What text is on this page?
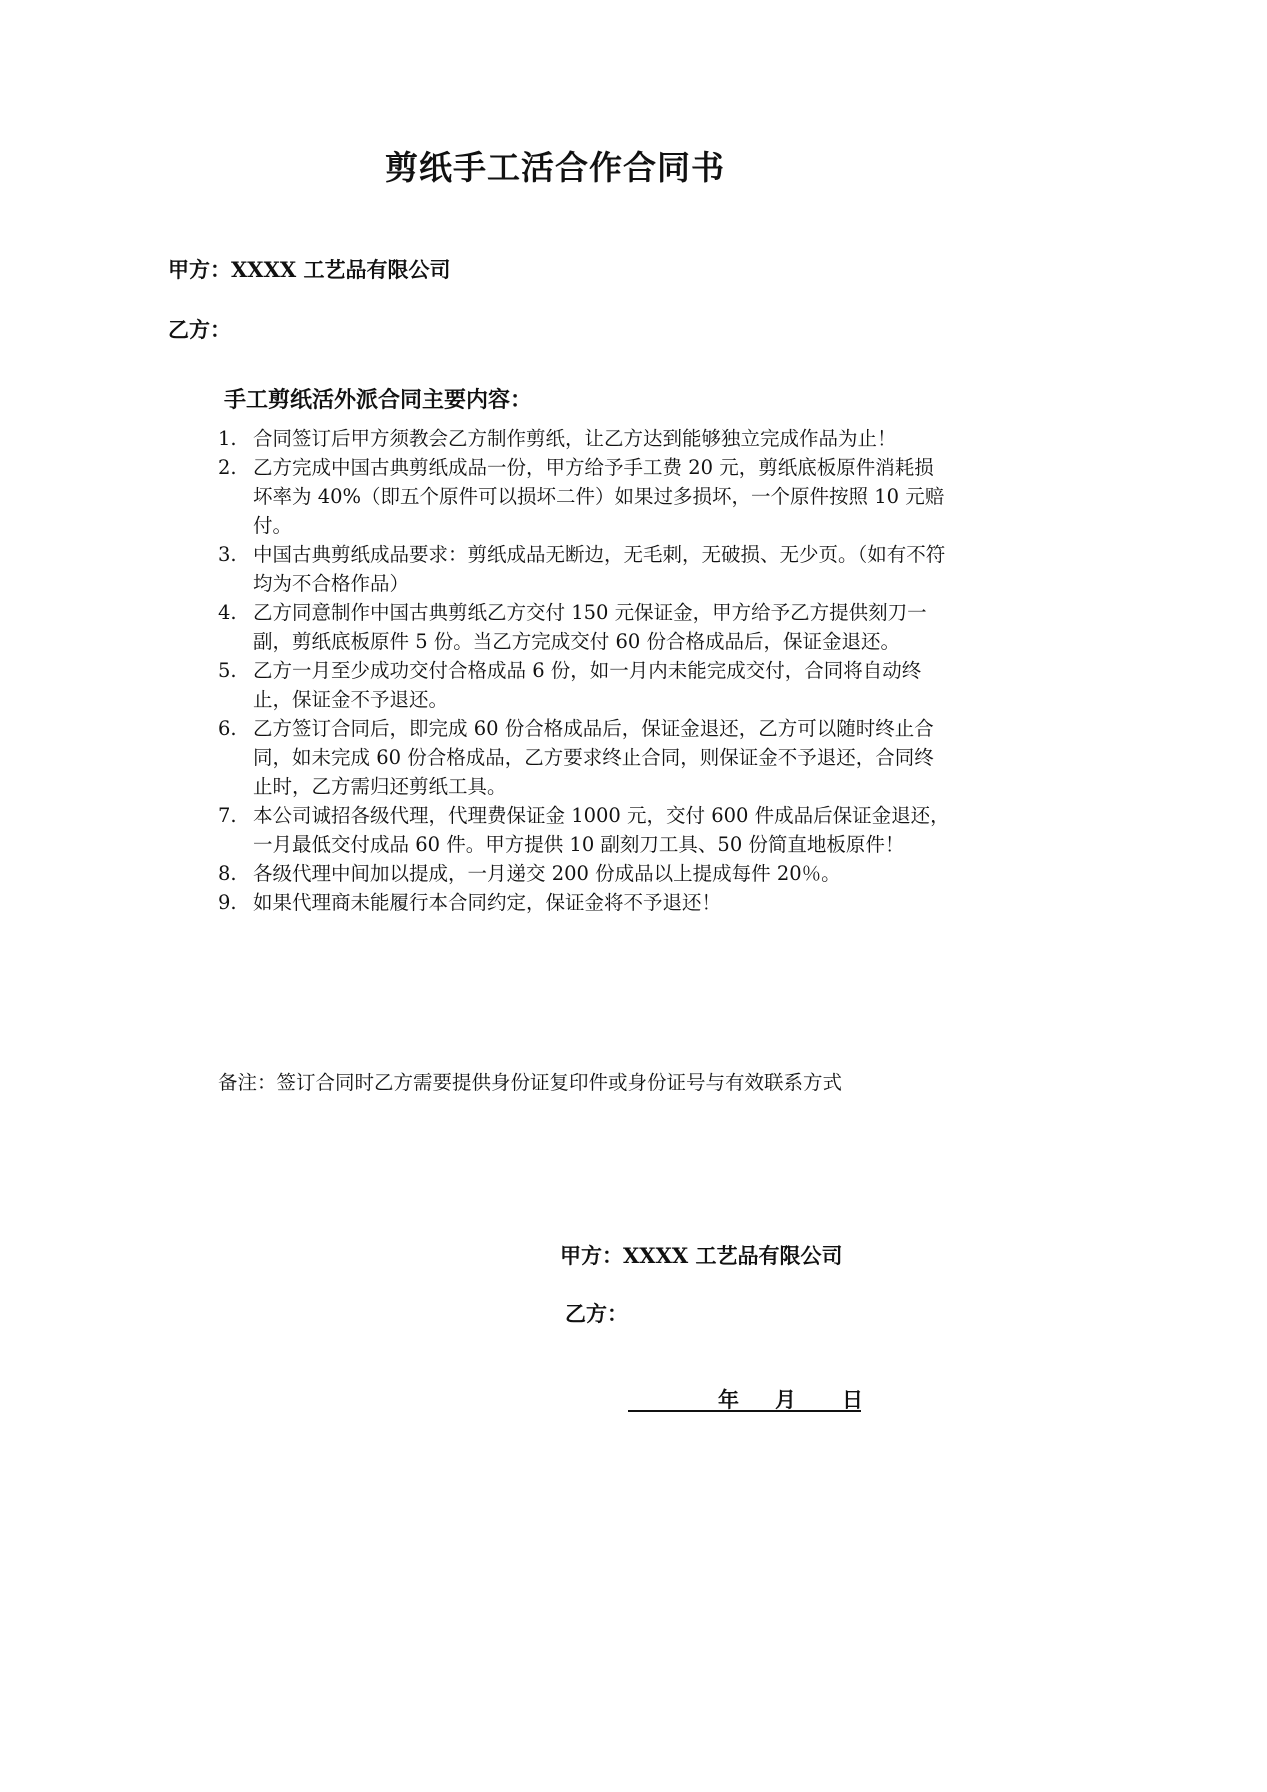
剪纸手工活合作合同书
甲方：XXXX 工艺品有限公司
乙方：
手工剪纸活外派合同主要内容：
1. 合同签订后甲方须教会乙方制作剪纸，让乙方达到能够独立完成作品为止！
2. 乙方完成中国古典剪纸成品一份，甲方给予手工费 20 元，剪纸底板原件消耗损坏率为 40%（即五个原件可以损坏二件）如果过多损坏，一个原件按照 10 元赔付。
3. 中国古典剪纸成品要求：剪纸成品无断边，无毛刺，无破损、无少页。（如有不符均为不合格作品）
4. 乙方同意制作中国古典剪纸乙方交付 150 元保证金，甲方给予乙方提供刻刀一副，剪纸底板原件 5 份。当乙方完成交付 60 份合格成品后，保证金退还。
5. 乙方一月至少成功交付合格成品 6 份，如一月内未能完成交付，合同将自动终止，保证金不予退还。
6. 乙方签订合同后，即完成 60 份合格成品后，保证金退还，乙方可以随时终止合同，如未完成 60 份合格成品，乙方要求终止合同，则保证金不予退还，合同终止时，乙方需归还剪纸工具。
7. 本公司诚招各级代理，代理费保证金 1000 元，交付 600 件成品后保证金退还，一月最低交付成品 60 件。甲方提供 10 副刻刀工具、50 份简直地板原件！
8. 各级代理中间加以提成，一月递交 200 份成品以上提成每件 20％。
9. 如果代理商未能履行本合同约定，保证金将不予退还！
备注：签订合同时乙方需要提供身份证复印件或身份证号与有效联系方式
甲方：XXXX 工艺品有限公司
乙方：
年 月 日
